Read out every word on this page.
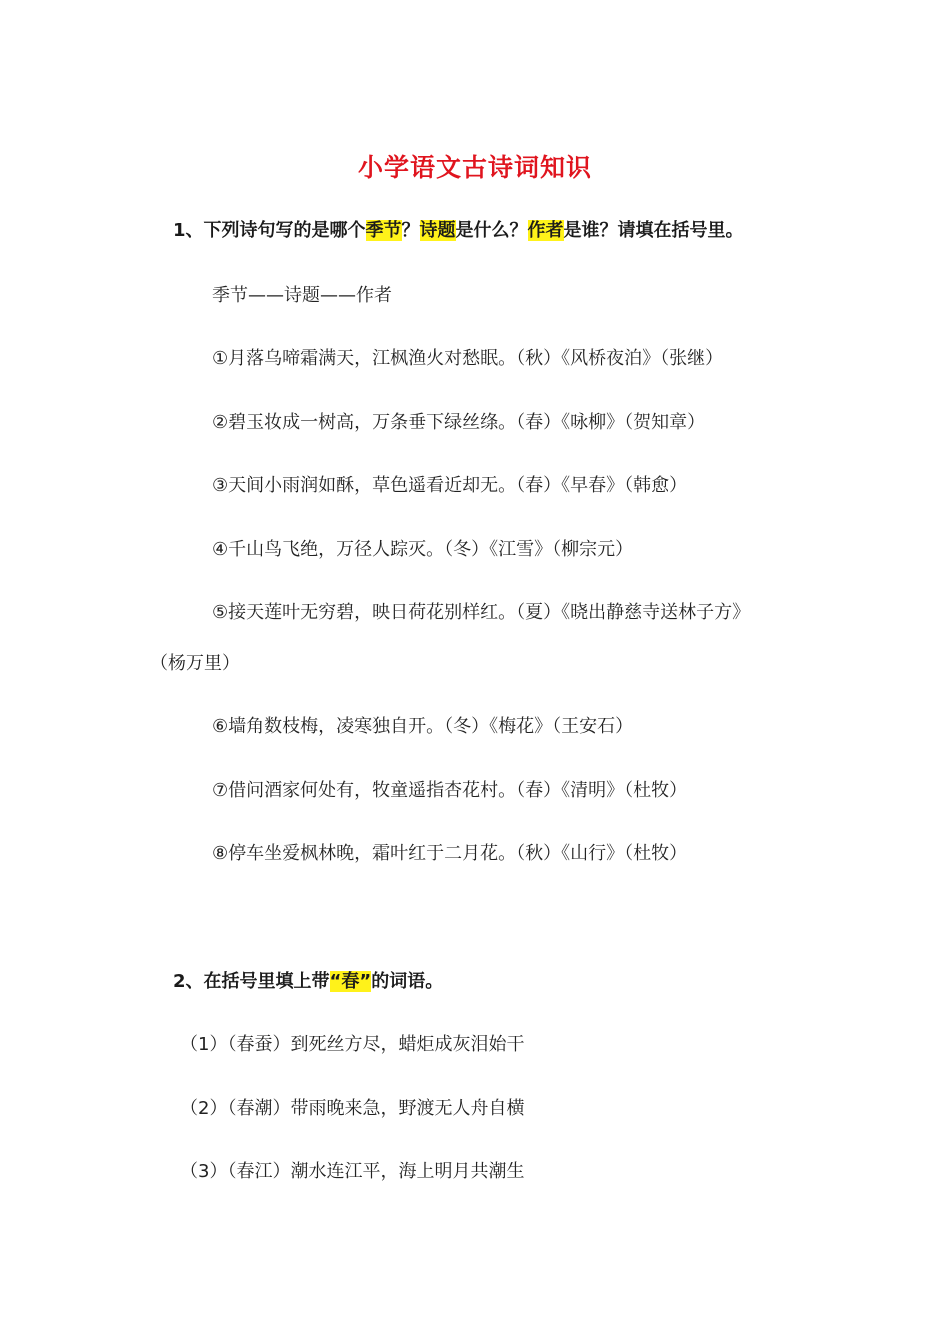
小学语文古诗词知识
1、下列诗句写的是哪个季节？诗题是什么？作者是谁？请填在括号里。
季节——诗题——作者
①月落乌啼霜满天，江枫渔火对愁眠。（秋）《风桥夜泊》（张继）
②碧玉妆成一树高，万条垂下绿丝绦。（春）《咏柳》（贺知章）
③天间小雨润如酥，草色遥看近却无。（春）《早春》（韩愈）
④千山鸟飞绝，万径人踪灭。（冬）《江雪》（柳宗元）
⑤接天莲叶无穷碧，映日荷花别样红。（夏）《晓出静慈寺送林子方》
（杨万里）
⑥墙角数枝梅，凌寒独自开。（冬）《梅花》（王安石）
⑦借问酒家何处有，牧童遥指杏花村。（春）《清明》（杜牧）
⑧停车坐爱枫林晚，霜叶红于二月花。（秋）《山行》（杜牧）
2、在括号里填上带“春”的词语。
（1）（春蚕）到死丝方尽，蜡炬成灰泪始干
（2）（春潮）带雨晚来急，野渡无人舟自横
（3）（春江）潮水连江平，海上明月共潮生
